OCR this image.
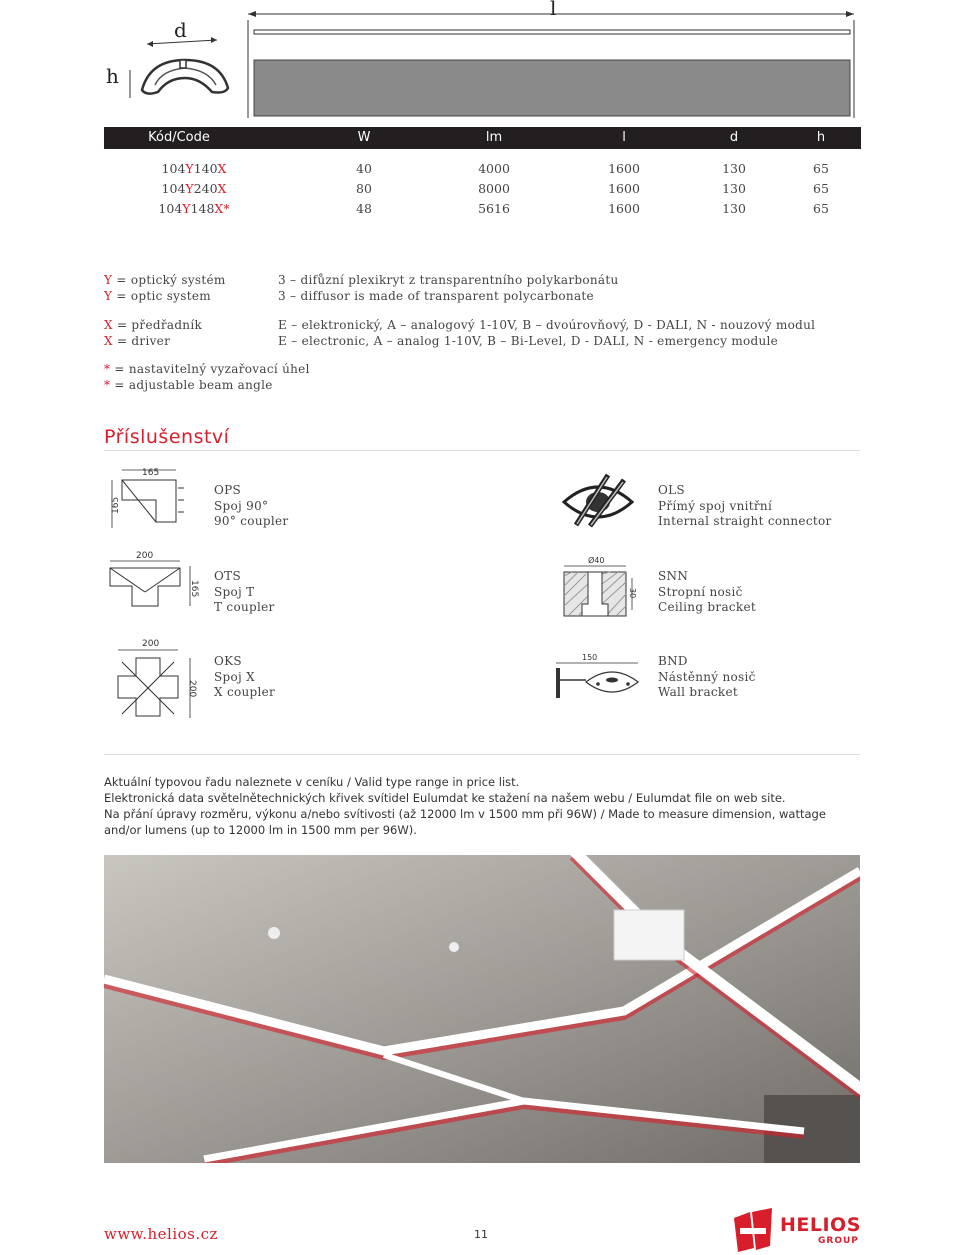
d
h
l
Kód/Code	W	lm	l	d	h
104Y140X	40	4000	1600	130	65
104Y240X	80	8000	1600	130	65
104Y148X*	48	5616	1600	130	65
Y = optický systém
Y = optic system
3 – difůzní plexikryt z transparentního polykarbonátu
3 – diffusor is made of transparent polycarbonate
X = předřadník
X = driver
E – elektronický, A – analogový 1-10V, B – dvoúrovňový, D - DALI, N - nouzový modul
E – electronic, A – analog 1-10V, B – Bi-Level, D - DALI, N - emergency module
* = nastavitelný vyzařovací úhel
* = adjustable beam angle
Příslušenství
165
165
OPS
Spoj 90°
90° coupler
OLS
Přímý spoj vnitřní
Internal straight connector
200
165
OTS
Spoj T
T coupler
Ø40
30
SNN
Stropní nosič
Ceiling bracket
200
200
OKS
Spoj X
X coupler
150	BND
Nástěnný nosič
Wall bracket
Aktuální typovou řadu naleznete v ceníku / Valid type range in price list.
Elektronická data světelnětechnických křivek svítidel Eulumdat ke stažení na našem webu / Eulumdat file on web site.
Na přání úpravy rozměru, výkonu a/nebo svítivosti (až 12000 lm v 1500 mm při 96W) / Made to measure dimension, wattage
and/or lumens (up to 12000 lm in 1500 mm per 96W).
www.helios.cz	11	HELIOS
GROUP
